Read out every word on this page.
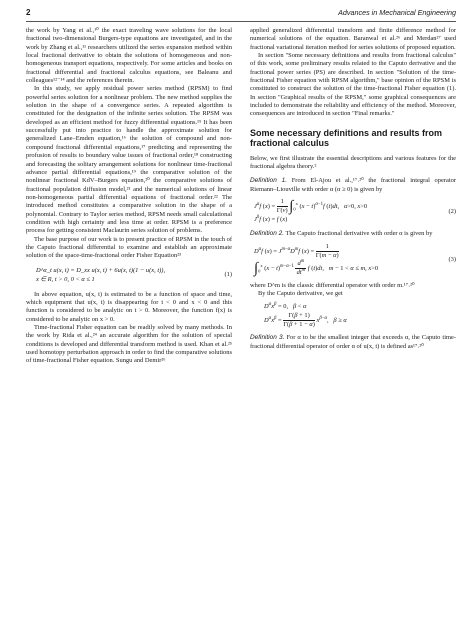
2	Advances in Mechanical Engineering

the work by Yang et al.,¹⁰ the exact traveling wave solutions for the local fractional two-dimensional Burgers-type equations are investigated, and in the work by Zhang et al.,¹¹ researchers utilized the series expansion method within local fractional derivative to obtain the solutions of homogeneous and non-homogeneous transport equations, respectively. For some articles and books on fractional differential and fractional calculus equations, see Baleanu and colleagues¹²⁻¹⁴ and the references therein.

In this study, we apply residual power series method (RPSM) to find powerful series solution for a nonlinear problem. The new method supplies the solution in the shape of a convergence series. A repeated algorithm is constituted for the designation of the infinite series solution. The RPSM was developed as an efficient method for fuzzy differential equations.¹⁵ It has been successfully put into practice to handle the approximate solution for generalized Lane–Emden equation,¹⁶ the solution of compound and non-compound fractional differential equations,¹⁷ predicting and representing the profusion of results to boundary value issues of fractional order,¹⁸ constructing and forecasting the solitary arrangement solutions for nonlinear time-fractional advance partial differential equations,¹⁹ the comparative solution of the nonlinear fractional KdV–Burgers equation,²⁰ the comparative solutions of fractional population diffusion model,²¹ and the numerical solutions of linear non-homogeneous partial differential equations of fractional order.²² The introduced method constitutes a comparative solution in the shape of a polynomial. Contrary to Taylor series method, RPSM needs small calculational condition with high certainty and less time at order. RPSM is a preference process for getting consistent Maclaurin series solution of problems.

The base purpose of our work is to present practice of RPSM in the touch of the Caputo fractional differential to examine and establish an approximate solution of the space-time-fractional order Fisher Equation²³

D^α_t u(x, t) = D_xx u(x, t) + 6u(x, t)(1 − u(x, t)),
x ∈ R, t > 0, 0 < α ≤ 1
(1)

In above equation, u(x, t) is estimated to be a function of space and time, which equipment that u(x, t) is disappearing for t < 0 and x < 0 and this function is considered to be analytic on t > 0. Moreover, the function f(x) is considered to be analytic on x > 0.

Time-fractional Fisher equation can be readily solved by many methods. In the work by Rida et al.,²⁴ an accurate algorithm for the solution of special conditions is developed and differential transform method is used. Khan et al.²⁵ used homotopy perturbation approach in order to find the comparative solutions of time-fractional Fisher equation. Sungu and Demir²⁶

applied generalized differential transform and finite difference method for numerical solutions of the equation. Baranwal et al.²⁶ and Merdan²⁷ used fractional variational iteration method for series solutions of proposed equation.

In section "Some necessary definitions and results from fractional calculus" of this work, some preliminary results related to the Caputo derivative and the fractional power series (PS) are described. In section "Solution of the time-fractional Fisher equation with RPSM algorithm," base opinion of the RPSM is constituted to construct the solution of the time-fractional Fisher equation (1). In section "Graphical results of the RPSM," some graphical consequences are included to demonstrate the reliability and efficiency of the method. Moreover, consequences are introduced in section "Final remarks."

Some necessary definitions and results from fractional calculus

Below, we first illustrate the essential descriptions and various features for the fractional algebra theory.²

Definition 1. From El-Ajou et al.,¹⁷˒²⁰ the fractional integral operator Riemann–Liouville with order α (α ≥ 0) is given by

$J^\alpha f$ $(x) = \frac{1}{\Gamma(v)} \int_0^x$ $(x - t)^{\alpha-1}f$ (t)dt,   α>0, x>0
$J^0f$ (x) = f (x)
(2)

Definition 2. The Caputo fractional derivative with order α is given by

$D^\alpha f$ $(x) = J^{m-\alpha}D^mf$ $(x) = \frac{1}{\Gamma(m - \alpha)}$
$\int_0^x$ $(x - t)^{m-\alpha-1} \frac{d^m}{dt^m}$ f (t)dt,   m − 1 < α ≤ m, x>0
(3)

where D^m is the classic differential operator with order m.¹⁷˒²⁰

By the Caputo derivative, we get

$D^\alpha x^\beta = 0$,   β < α
$D^\alpha x^\beta = \frac{\Gamma(\beta + 1)}{\Gamma(\beta + 1 - \alpha)} x^{\beta-\alpha}$,   β ≥ α

Definition 3. For α to be the smallest integer that exceeds α, the Caputo time-fractional differential operator of order α of u(x, t) is defined as¹⁷˒²⁰
